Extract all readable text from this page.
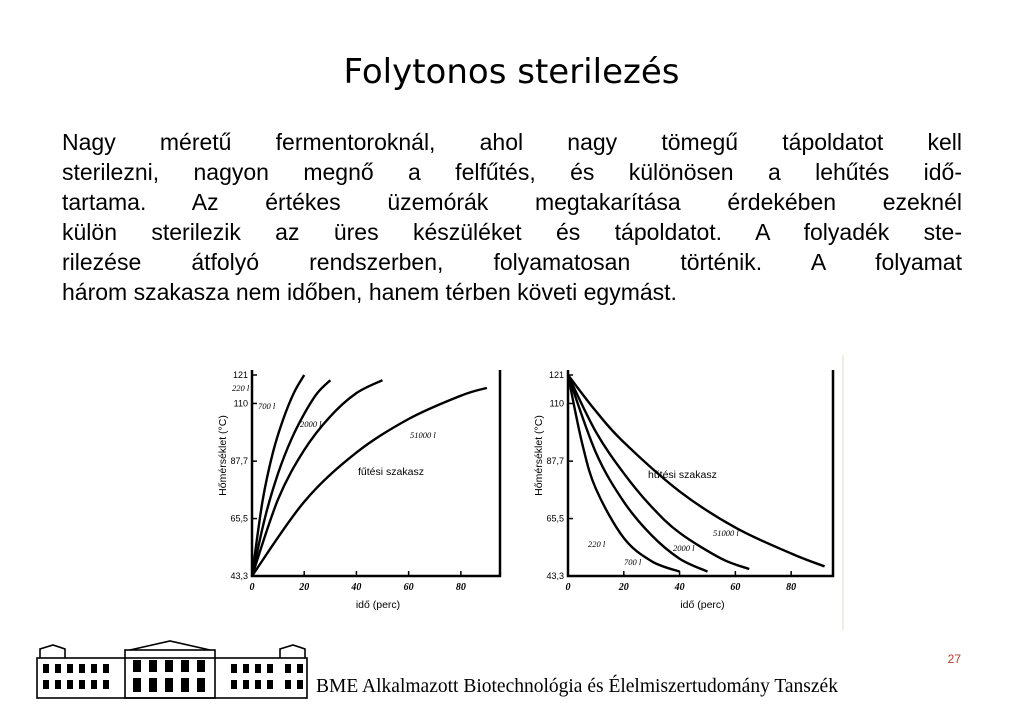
Folytonos sterilezés

Nagy méretű fermentoroknál, ahol nagy tömegű tápoldatot kell
sterilezni, nagyon megnő a felfűtés, és különösen a lehűtés idő-
tartama. Az értékes üzemórák megtakarítása érdekében ezeknél
külön sterilezik az üres készüléket és tápoldatot. A folyadék ste-
rilezése átfolyó rendszerben, folyamatosan történik. A folyamat
három szakasza nem időben, hanem térben követi egymást.

43,3
65,5
87,7
110
121
0	20	40	60	80
idő (perc)
Hőmérséklet (°C)	fűtési szakasz
220 l
700 l
2000 l
51000 l
43,3
65,5
87,7
110
121
0	20	40	60	80
idő (perc)
Hőmérséklet (°C)	hűtési szakasz
220 l
700 l
2000 l
51000 l
BME Alkalmazott Biotechnológia és Élelmiszertudomány Tanszék
27
